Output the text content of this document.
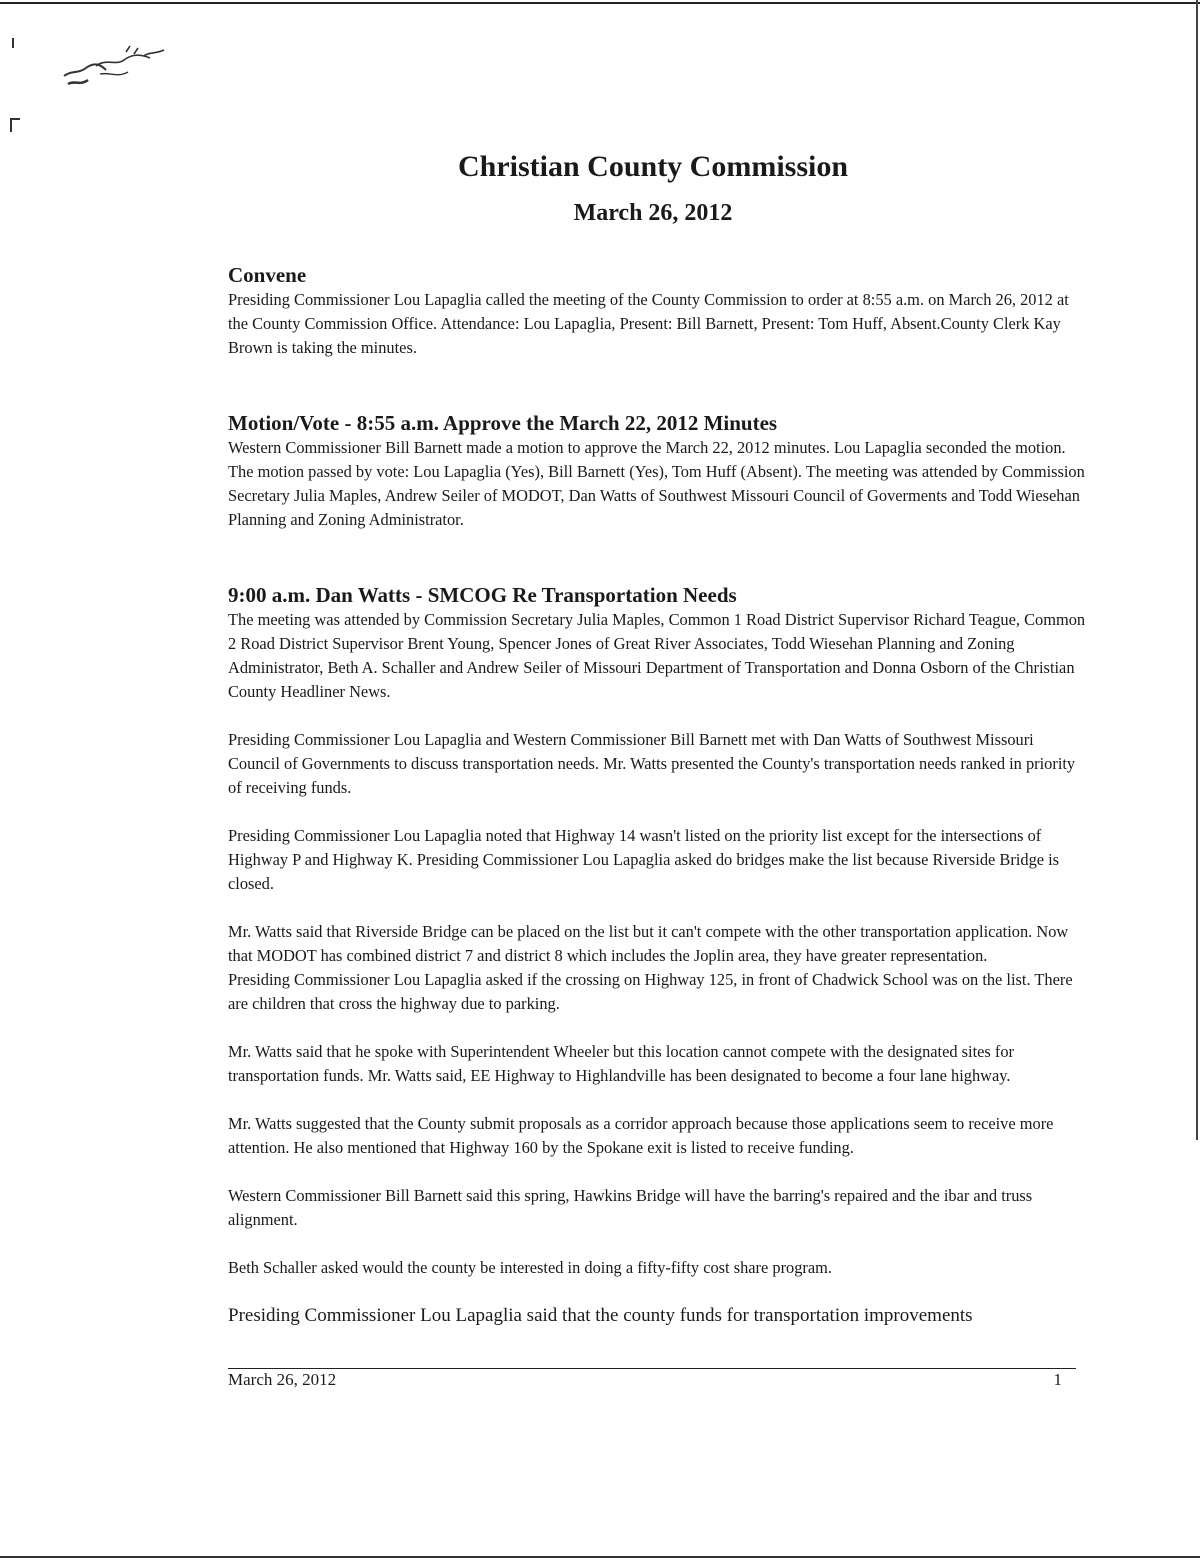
Christian County Commission
March 26, 2012
Convene

Presiding Commissioner Lou Lapaglia called the meeting of the County Commission to order at 8:55 a.m. on March 26, 2012 at the County Commission Office. Attendance: Lou Lapaglia, Present: Bill Barnett, Present: Tom Huff, Absent.County Clerk Kay Brown is taking the minutes.

Motion/Vote - 8:55 a.m. Approve the March 22, 2012 Minutes

Western Commissioner Bill Barnett made a motion to approve the March 22, 2012 minutes. Lou Lapaglia seconded the motion. The motion passed by vote: Lou Lapaglia (Yes), Bill Barnett (Yes), Tom Huff (Absent). The meeting was attended by Commission Secretary Julia Maples, Andrew Seiler of MODOT, Dan Watts of Southwest Missouri Council of Goverments and Todd Wiesehan Planning and Zoning Administrator.

9:00 a.m. Dan Watts - SMCOG Re Transportation Needs

The meeting was attended by Commission Secretary Julia Maples, Common 1 Road District Supervisor Richard Teague, Common 2 Road District Supervisor Brent Young, Spencer Jones of Great River Associates, Todd Wiesehan Planning and Zoning Administrator, Beth A. Schaller and Andrew Seiler of Missouri Department of Transportation and Donna Osborn of the Christian County Headliner News.

Presiding Commissioner Lou Lapaglia and Western Commissioner Bill Barnett met with Dan Watts of Southwest Missouri Council of Governments to discuss transportation needs. Mr. Watts presented the County's transportation needs ranked in priority of receiving funds.

Presiding Commissioner Lou Lapaglia noted that Highway 14 wasn't listed on the priority list except for the intersections of Highway P and Highway K. Presiding Commissioner Lou Lapaglia asked do bridges make the list because Riverside Bridge is closed.

Mr. Watts said that Riverside Bridge can be placed on the list but it can't compete with the other transportation application. Now that MODOT has combined district 7 and district 8 which includes the Joplin area, they have greater representation.

Presiding Commissioner Lou Lapaglia asked if the crossing on Highway 125, in front of Chadwick School was on the list. There are children that cross the highway due to parking.

Mr. Watts said that he spoke with Superintendent Wheeler but this location cannot compete with the designated sites for transportation funds. Mr. Watts said, EE Highway to Highlandville has been designated to become a four lane highway.

Mr. Watts suggested that the County submit proposals as a corridor approach because those applications seem to receive more attention. He also mentioned that Highway 160 by the Spokane exit is listed to receive funding.

Western Commissioner Bill Barnett said this spring, Hawkins Bridge will have the barring's repaired and the ibar and truss alignment.

Beth Schaller asked would the county be interested in doing a fifty-fifty cost share program.

Presiding Commissioner Lou Lapaglia said that the county funds for transportation improvements

March 26, 2012	1
